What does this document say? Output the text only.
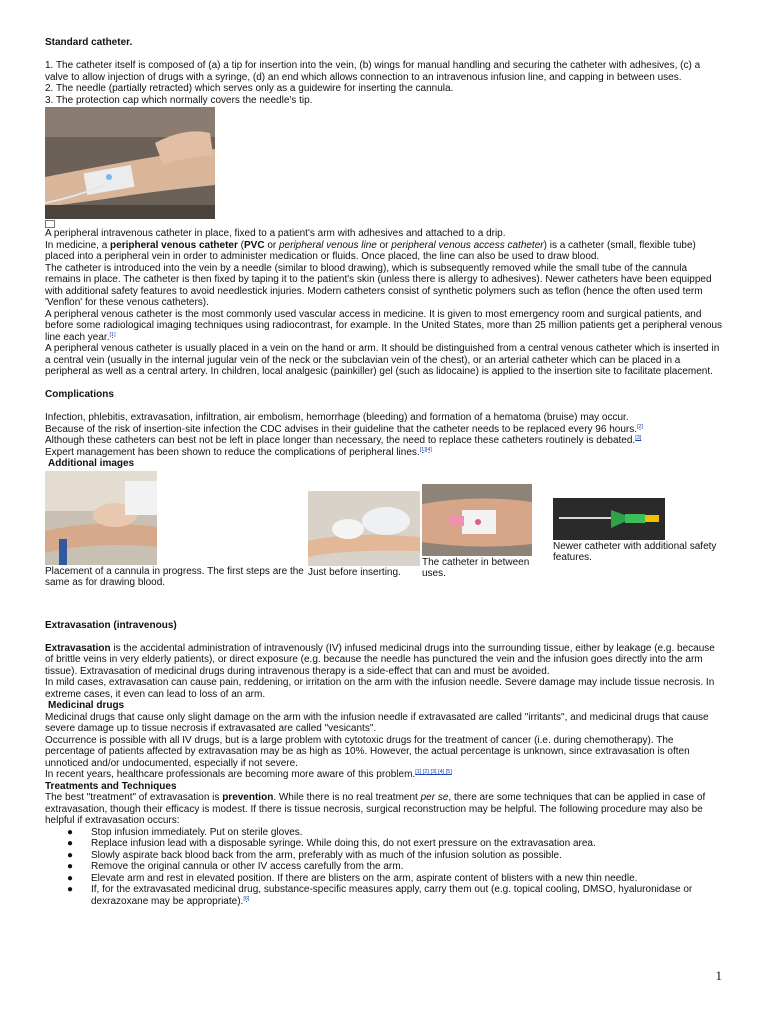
Standard catheter.

1. The catheter itself is composed of (a) a tip for insertion into the vein, (b) wings for manual handling and securing the catheter with adhesives, (c) a valve to allow injection of drugs with a syringe, (d) an end which allows connection to an intravenous infusion line, and capping in between uses.

2. The needle (partially retracted) which serves only as a guidewire for inserting the cannula.

3. The protection cap which normally covers the needle's tip.

A peripheral intravenous catheter in place, fixed to a patient's arm with adhesives and attached to a drip.

In medicine, a peripheral venous catheter (PVC or peripheral venous line or peripheral venous access catheter) is a catheter (small, flexible tube) placed into a peripheral vein in order to administer medication or fluids. Once placed, the line can also be used to draw blood.

The catheter is introduced into the vein by a needle (similar to blood drawing), which is subsequently removed while the small tube of the cannula remains in place. The catheter is then fixed by taping it to the patient's skin (unless there is allergy to adhesives). Newer catheters have been equipped with additional safety features to avoid needlestick injuries. Modern catheters consist of synthetic polymers such as teflon (hence the often used term 'Venflon' for these venous catheters).

A peripheral venous catheter is the most commonly used vascular access in medicine. It is given to most emergency room and surgical patients, and before some radiological imaging techniques using radiocontrast, for example. In the United States, more than 25 million patients get a peripheral venous line each year.[1]

A peripheral venous catheter is usually placed in a vein on the hand or arm. It should be distinguished from a central venous catheter which is inserted in a central vein (usually in the internal jugular vein of the neck or the subclavian vein of the chest), or an arterial catheter which can be placed in a peripheral as well as a central artery. In children, local analgesic (painkiller) gel (such as lidocaine) is applied to the insertion site to facilitate placement.

Complications

Infection, phlebitis, extravasation, infiltration, air embolism, hemorrhage (bleeding) and formation of a hematoma (bruise) may occur.

Because of the risk of insertion-site infection the CDC advises in their guideline that the catheter needs to be replaced every 96 hours.[2]

Although these catheters can best not be left in place longer than necessary, the need to replace these catheters routinely is debated.[3]

Expert management has been shown to reduce the complications of peripheral lines.[1][4]

Additional images

Placement of a cannula in progress. The first steps are the same as for drawing blood.

Just before inserting.

The catheter in between uses.

Newer catheter with additional safety features.

Extravasation (intravenous)

Extravasation is the accidental administration of intravenously (IV) infused medicinal drugs into the surrounding tissue, either by leakage (e.g. because of brittle veins in very elderly patients), or direct exposure (e.g. because the needle has punctured the vein and the infusion goes directly into the arm tissue). Extravasation of medicinal drugs during intravenous therapy is a side-effect that can and must be avoided.

In mild cases, extravasation can cause pain, reddening, or irritation on the arm with the infusion needle. Severe damage may include tissue necrosis. In extreme cases, it even can lead to loss of an arm.

Medicinal drugs

Medicinal drugs that cause only slight damage on the arm with the infusion needle if extravasated are called "irritants", and medicinal drugs that cause severe damage up to tissue necrosis if extravasated are called "vesicants".

Occurrence is possible with all IV drugs, but is a large problem with cytotoxic drugs for the treatment of cancer (i.e. during chemotherapy). The percentage of patients affected by extravasation may be as high as 10%. However, the actual percentage is unknown, since extravasation is often unnoticed and/or undocumented, especially if not severe.

In recent years, healthcare professionals are becoming more aware of this problem.[1] [2] [3] [4] [5]

Treatments and Techniques

The best "treatment" of extravasation is prevention. While there is no real treatment per se, there are some techniques that can be applied in case of extravasation, though their efficacy is modest. If there is tissue necrosis, surgical reconstruction may be helpful. The following procedure may also be helpful if extravasation occurs:

● Stop infusion immediately. Put on sterile gloves.
● Replace infusion lead with a disposable syringe. While doing this, do not exert pressure on the extravasation area.
● Slowly aspirate back blood back from the arm, preferably with as much of the infusion solution as possible.
● Remove the original cannula or other IV access carefully from the arm.
● Elevate arm and rest in elevated position. If there are blisters on the arm, aspirate content of blisters with a new thin needle.
● If, for the extravasated medicinal drug, substance-specific measures apply, carry them out (e.g. topical cooling, DMSO, hyaluronidase or dexrazoxane may be appropriate).[6]
1
